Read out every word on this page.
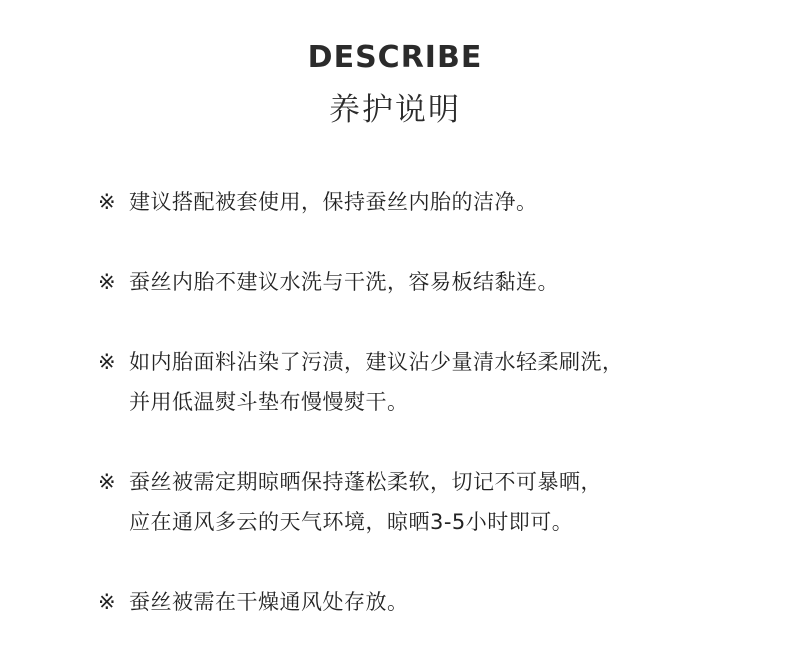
DESCRIBE
养护说明
※ 建议搭配被套使用，保持蚕丝内胎的洁净。
※ 蚕丝内胎不建议水洗与干洗，容易板结黏连。
※ 如内胎面料沾染了污渍，建议沾少量清水轻柔刷洗，
并用低温熨斗垫布慢慢熨干。
※ 蚕丝被需定期晾晒保持蓬松柔软，切记不可暴晒，
应在通风多云的天气环境，晾晒3-5小时即可。
※ 蚕丝被需在干燥通风处存放。
